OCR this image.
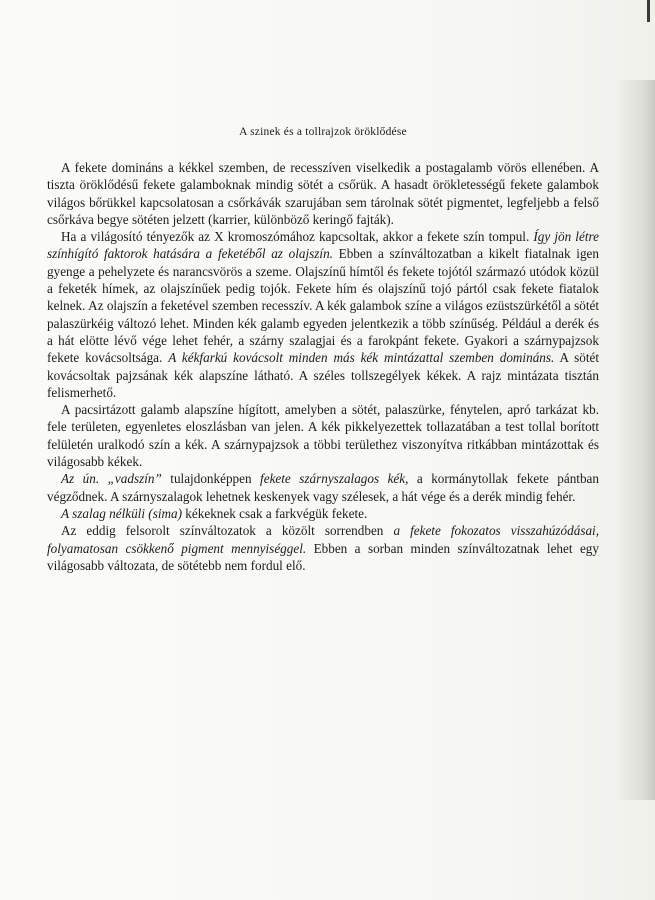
A szinek és a tollrajzok öröklődése

A fekete domináns a kékkel szemben, de recesszíven viselkedik a postagalamb vörös ellenében. A tiszta öröklődésű fekete galamboknak mindig sötét a csőrük. A hasadt örökletességű fekete galambok világos bőrükkel kapcsolatosan a csőrkávák szarujában sem tárolnak sötét pigmentet, legfeljebb a felső csőrkáva begye sötéten jelzett (karrier, különböző keringő fajták).

Ha a világosító tényezők az X kromoszómához kapcsoltak, akkor a fekete szín tompul. Így jön létre színhígító faktorok hatására a feketéből az olajszín. Ebben a színváltozatban a kikelt fiatalnak igen gyenge a pehelyzete és narancsvörös a szeme. Olajszínű hímtől és fekete tojótól származó utódok közül a feketék hímek, az olajszínűek pedig tojók. Fekete hím és olajszínű tojó pártól csak fekete fiatalok kelnek. Az olajszín a feketével szemben recesszív. A kék galambok színe a világos ezüstszürkétől a sötét palaszürkéig változó lehet. Minden kék galamb egyeden jelentkezik a több színűség. Például a derék és a hát elötte lévő vége lehet fehér, a szárny szalagjai és a farokpánt fekete. Gyakori a szárnypajzsok fekete kovácsoltsága. A kékfarkú kovácsolt minden más kék mintázattal szemben domináns. A sötét kovácsoltak pajzsának kék alapszíne látható. A széles tollszegélyek kékek. A rajz mintázata tisztán felismerhető.

A pacsirtázott galamb alapszíne hígított, amelyben a sötét, palaszürke, fénytelen, apró tarkázat kb. fele területen, egyenletes eloszlásban van jelen. A kék pikkelyezettek tollazatában a test tollal borított felületén uralkodó szín a kék. A szárnypajzsok a többi területhez viszonyítva ritkábban mintázottak és világosabb kékek.

Az ún. „vadszín” tulajdonképpen fekete szárnyszalagos kék, a kormánytollak fekete pántban végződnek. A szárnyszalagok lehetnek keskenyek vagy szélesek, a hát vége és a derék mindig fehér.

A szalag nélküli (sima) kékeknek csak a farkvégük fekete.

Az eddig felsorolt színváltozatok a közölt sorrendben a fekete fokozatos visszahúzódásai, folyamatosan csökkenő pigment mennyiséggel. Ebben a sorban minden színváltozatnak lehet egy világosabb változata, de sötétebb nem fordul elő.
